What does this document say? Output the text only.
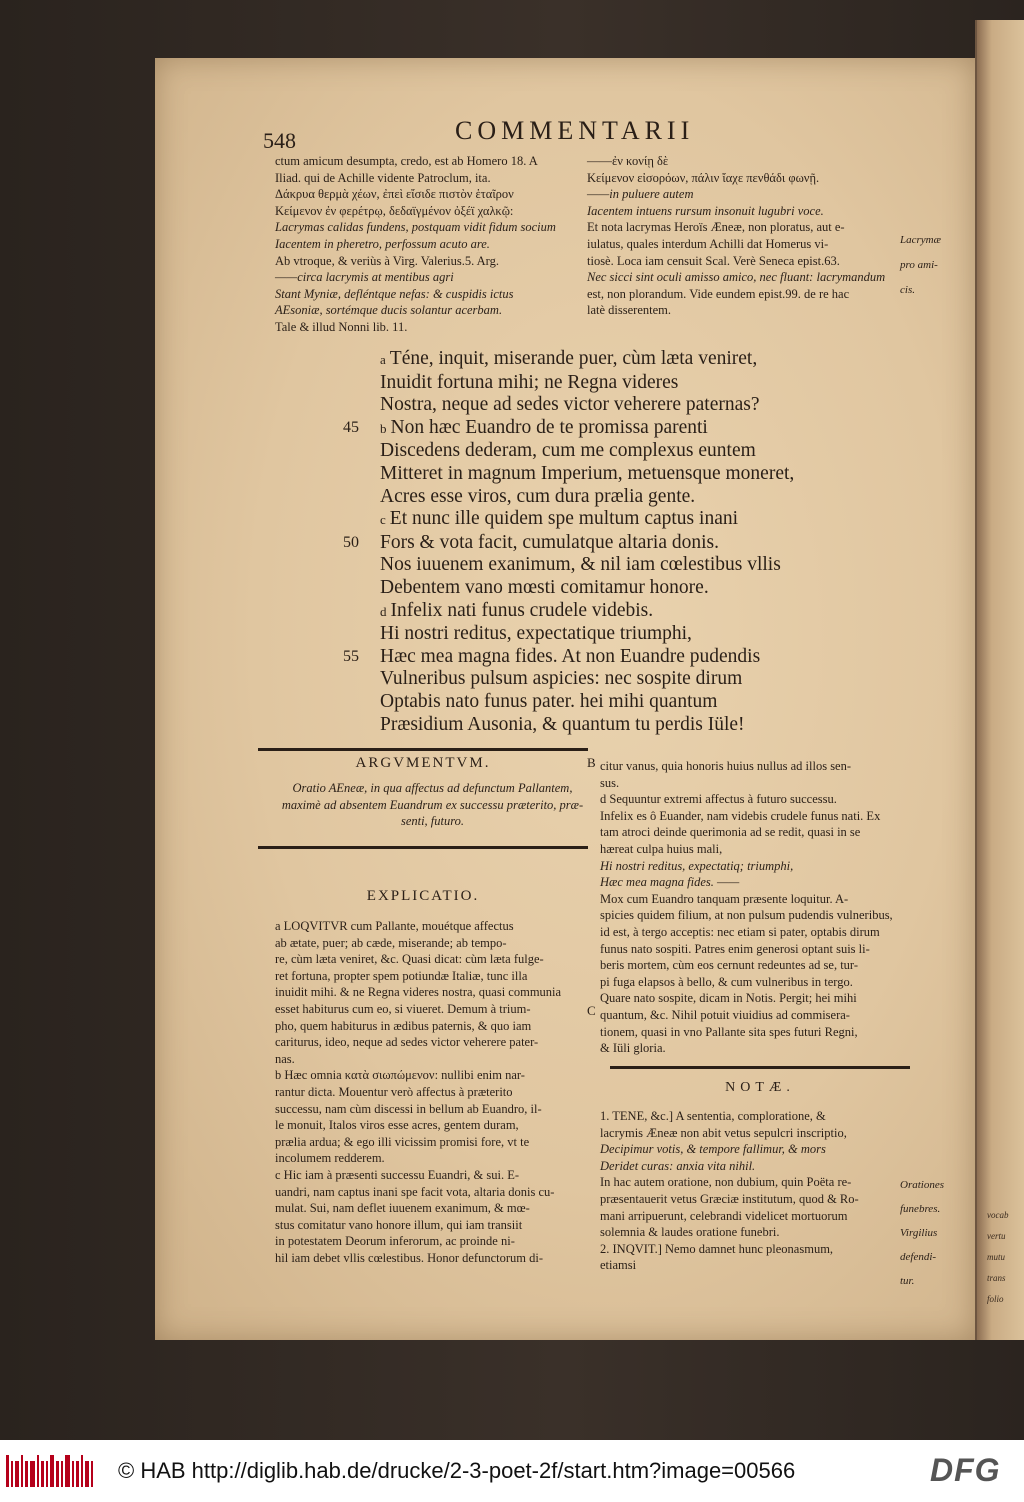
vocab

vertu

mutu

trans

folio

548	COMMENTARII

ctum amicum desumpta, credo, est ab Homero 18. A

Iliad. qui de Achille vidente Patroclum, ita.

Δάκρυα θερμὰ χέων, ἐπεὶ εἴσιδε πιστὸν ἑταῖρον

Κείμενον ἐν φερέτρῳ, δεδαϊγμένον ὀξέϊ χαλκῷ:

Lacrymas calidas fundens, postquam vidit fidum socium

Iacentem in pheretro, perfossum acuto are.

Ab vtroque, & veriùs à Virg. Valerius.5. Arg.

——circa lacrymis at mentibus agri

Stant Myniæ, defléntque nefas: & cuspidis ictus

AEsoniæ, sortémque ducis solantur acerbam.

Tale & illud Nonni lib. 11.

——ἐν κονίῃ δὲ

Κείμενον εἰσορόων, πάλιν ἴαχε πενθάδι φωνῇ.

——in puluere autem

Iacentem intuens rursum insonuit lugubri voce.

Et nota lacrymas Heroïs Æneæ, non ploratus, aut e-

iulatus, quales interdum Achilli dat Homerus vi-

tiosè. Loca iam censuit Scal. Verè Seneca epist.63.

Nec sicci sint oculi amisso amico, nec fluant: lacrymandum

est, non plorandum. Vide eundem epist.99. de re hac

latè disserentem.

Lacrymæ

pro ami-

cis.

a Téne, inquit, miserande puer, cùm læta veniret,
Inuidit fortuna mihi; ne Regna videres
Nostra, neque ad sedes victor veherere paternas?
45 b Non hæc Euandro de te promissa parenti
Discedens dederam, cum me complexus euntem
Mitteret in magnum Imperium, metuensque moneret,
Acres esse viros, cum dura prælia gente.
c Et nunc ille quidem spe multum captus inani
50 Fors & vota facit, cumulatque altaria donis.
Nos iuuenem exanimum, & nil iam cœlestibus vllis
Debentem vano mœsti comitamur honore.
d Infelix nati funus crudele videbis.
Hi nostri reditus, expectatique triumphi,
55 Hæc mea magna fides. At non Euandre pudendis
Vulneribus pulsum aspicies: nec sospite dirum
Optabis nato funus pater. hei mihi quantum
Præsidium Ausonia, & quantum tu perdis Iüle!
ARGVMENTVM.

Oratio AEneæ, in qua affectus ad defunctum Pallantem,

maximè ad absentem Euandrum ex successu præterito, præ-

senti, futuro.

EXPLICATIO.

a LOQVITVR cum Pallante, mouétque affectus

ab ætate, puer; ab cæde, miserande; ab tempo-

re, cùm læta veniret, &c. Quasi dicat: cùm læta fulge-

ret fortuna, propter spem potiundæ Italiæ, tunc illa

inuidit mihi. & ne Regna videres nostra, quasi communia

esset habiturus cum eo, si viueret. Demum à trium-

pho, quem habiturus in ædibus paternis, & quo iam

cariturus, ideo, neque ad sedes victor veherere pater-

nas.

b Hæc omnia κατὰ σιωπώμενον: nullibi enim nar-

rantur dicta. Mouentur verò affectus à præterito

successu, nam cùm discessi in bellum ab Euandro, il-

le monuit, Italos viros esse acres, gentem duram,

prælia ardua; & ego illi vicissim promisi fore, vt te

incolumem redderem.

c Hic iam à præsenti successu Euandri, & sui. E-

uandri, nam captus inani spe facit vota, altaria donis cu-

mulat. Sui, nam deflet iuuenem exanimum, & mœ-

stus comitatur vano honore illum, qui iam transiit

in potestatem Deorum inferorum, ac proinde ni-

hil iam debet vllis cœlestibus. Honor defunctorum di-

B
C

citur vanus, quia honoris huius nullus ad illos sen-

sus.

d Sequuntur extremi affectus à futuro successu.

Infelix es ô Euander, nam videbis crudele funus nati. Ex

tam atroci deinde querimonia ad se redit, quasi in se

hæreat culpa huius mali,

Hi nostri reditus, expectatiq; triumphi,

Hæc mea magna fides. ——

Mox cum Euandro tanquam præsente loquitur. A-

spicies quidem filium, at non pulsum pudendis vulneribus,

id est, à tergo acceptis: nec etiam si pater, optabis dirum

funus nato sospiti. Patres enim generosi optant suis li-

beris mortem, cùm eos cernunt redeuntes ad se, tur-

pi fuga elapsos à bello, & cum vulneribus in tergo.

Quare nato sospite, dicam in Notis. Pergit; hei mihi

quantum, &c. Nihil potuit viuidius ad commisera-

tionem, quasi in vno Pallante sita spes futuri Regni,

& Iüli gloria.

NOTÆ.

1. TENE, &c.] A sententia, comploratione, &

lacrymis Æneæ non abit vetus sepulcri inscriptio,

Decipimur votis, & tempore fallimur, & mors

Deridet curas: anxia vita nihil.

In hac autem oratione, non dubium, quin Poëta re-

præsentauerit vetus Græciæ institutum, quod & Ro-

mani arripuerunt, celebrandi videlicet mortuorum

solemnia & laudes oratione funebri.

2. INQVIT.] Nemo damnet hunc pleonasmum,

etiamsi

Orationes

funebres.

Virgilius

defendi-

tur.

© HAB http://diglib.hab.de/drucke/2-3-poet-2f/start.htm?image=00566	DFG
